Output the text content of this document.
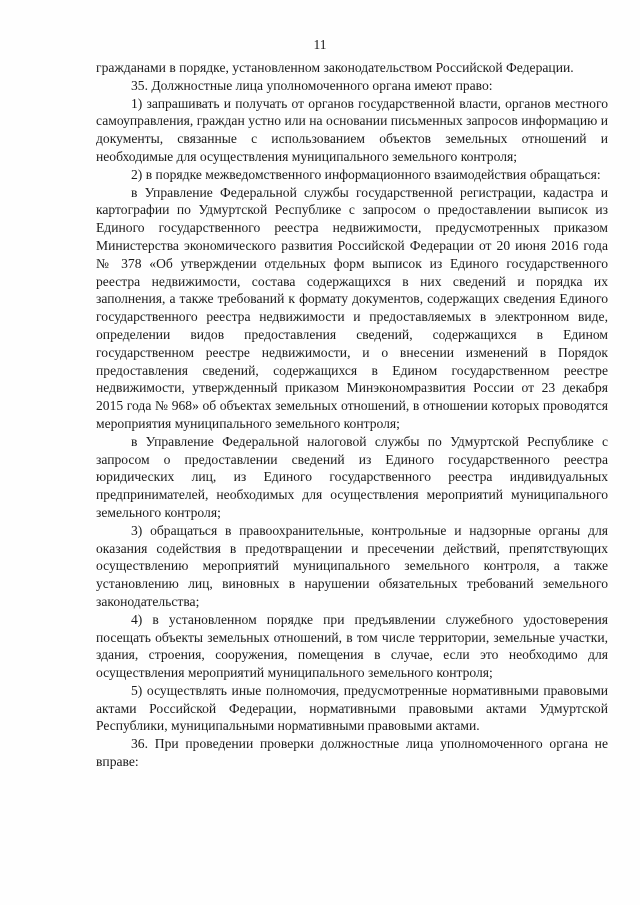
11

гражданами в порядке, установленном законодательством Российской Федерации.

35. Должностные лица уполномоченного органа имеют право:

1) запрашивать и получать от органов государственной власти, органов местного самоуправления, граждан устно или на основании письменных запросов информацию и документы, связанные с использованием объектов земельных отношений и необходимые для осуществления муниципального земельного контроля;

2) в порядке межведомственного информационного взаимодействия обращаться:

в Управление Федеральной службы государственной регистрации, кадастра и картографии по Удмуртской Республике с запросом о предоставлении выписок из Единого государственного реестра недвижимости, предусмотренных приказом Министерства экономического развития Российской Федерации от 20 июня 2016 года № 378 «Об утверждении отдельных форм выписок из Единого государственного реестра недвижимости, состава содержащихся в них сведений и порядка их заполнения, а также требований к формату документов, содержащих сведения Единого государственного реестра недвижимости и предоставляемых в электронном виде, определении видов предоставления сведений, содержащихся в Едином государственном реестре недвижимости, и о внесении изменений в Порядок предоставления сведений, содержащихся в Едином государственном реестре недвижимости, утвержденный приказом Минэкономразвития России от 23 декабря 2015 года № 968» об объектах земельных отношений, в отношении которых проводятся мероприятия муниципального земельного контроля;

в Управление Федеральной налоговой службы по Удмуртской Республике с запросом о предоставлении сведений из Единого государственного реестра юридических лиц, из Единого государственного реестра индивидуальных предпринимателей, необходимых для осуществления мероприятий муниципального земельного контроля;

3) обращаться в правоохранительные, контрольные и надзорные органы для оказания содействия в предотвращении и пресечении действий, препятствующих осуществлению мероприятий муниципального земельного контроля, а также установлению лиц, виновных в нарушении обязательных требований земельного законодательства;

4) в установленном порядке при предъявлении служебного удостоверения посещать объекты земельных отношений, в том числе территории, земельные участки, здания, строения, сооружения, помещения в случае, если это необходимо для осуществления мероприятий муниципального земельного контроля;

5) осуществлять иные полномочия, предусмотренные нормативными правовыми актами Российской Федерации, нормативными правовыми актами Удмуртской Республики, муниципальными нормативными правовыми актами.

36. При проведении проверки должностные лица уполномоченного органа не вправе:
